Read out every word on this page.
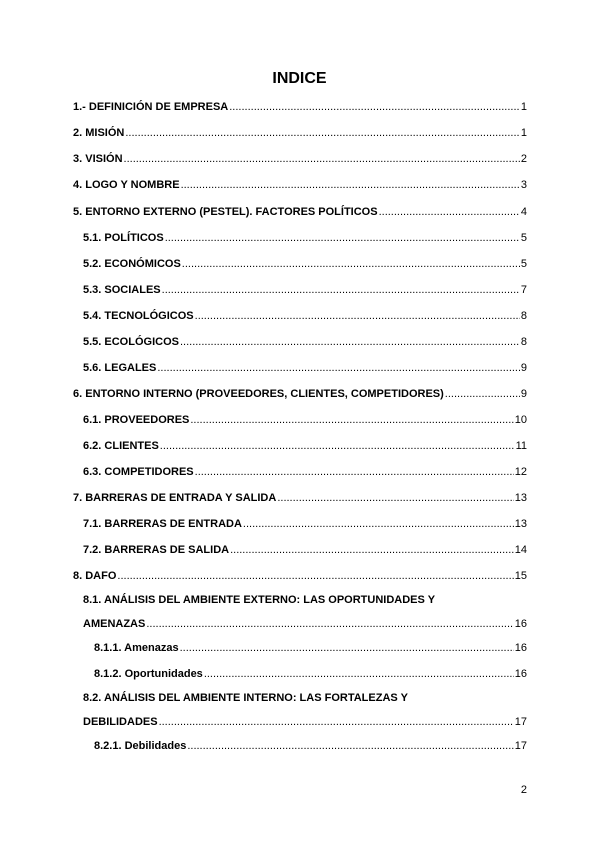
INDICE
1.- DEFINICIÓN DE EMPRESA .....	1
2. MISIÓN .....	1
3. VISIÓN .....	2
4. LOGO Y NOMBRE .....	3
5. ENTORNO EXTERNO (PESTEL). FACTORES POLÍTICOS .....	4
5.1. POLÍTICOS .....	5
5.2. ECONÓMICOS .....	5
5.3. SOCIALES .....	7
5.4. TECNOLÓGICOS .....	8
5.5. ECOLÓGICOS .....	8
5.6. LEGALES .....	9
6. ENTORNO INTERNO (PROVEEDORES, CLIENTES, COMPETIDORES) .....	9
6.1. PROVEEDORES .....	10
6.2. CLIENTES .....	11
6.3. COMPETIDORES .....	12
7. BARRERAS DE ENTRADA Y SALIDA .....	13
7.1. BARRERAS DE ENTRADA .....	13
7.2. BARRERAS DE SALIDA .....	14
8. DAFO .....	15
8.1. ANÁLISIS DEL AMBIENTE EXTERNO: LAS OPORTUNIDADES Y
AMENAZAS .....	16
8.1.1. Amenazas .....	16
8.1.2. Oportunidades .....	16
8.2. ANÁLISIS DEL AMBIENTE INTERNO: LAS FORTALEZAS Y
DEBILIDADES .....	17
8.2.1. Debilidades .....	17
2
